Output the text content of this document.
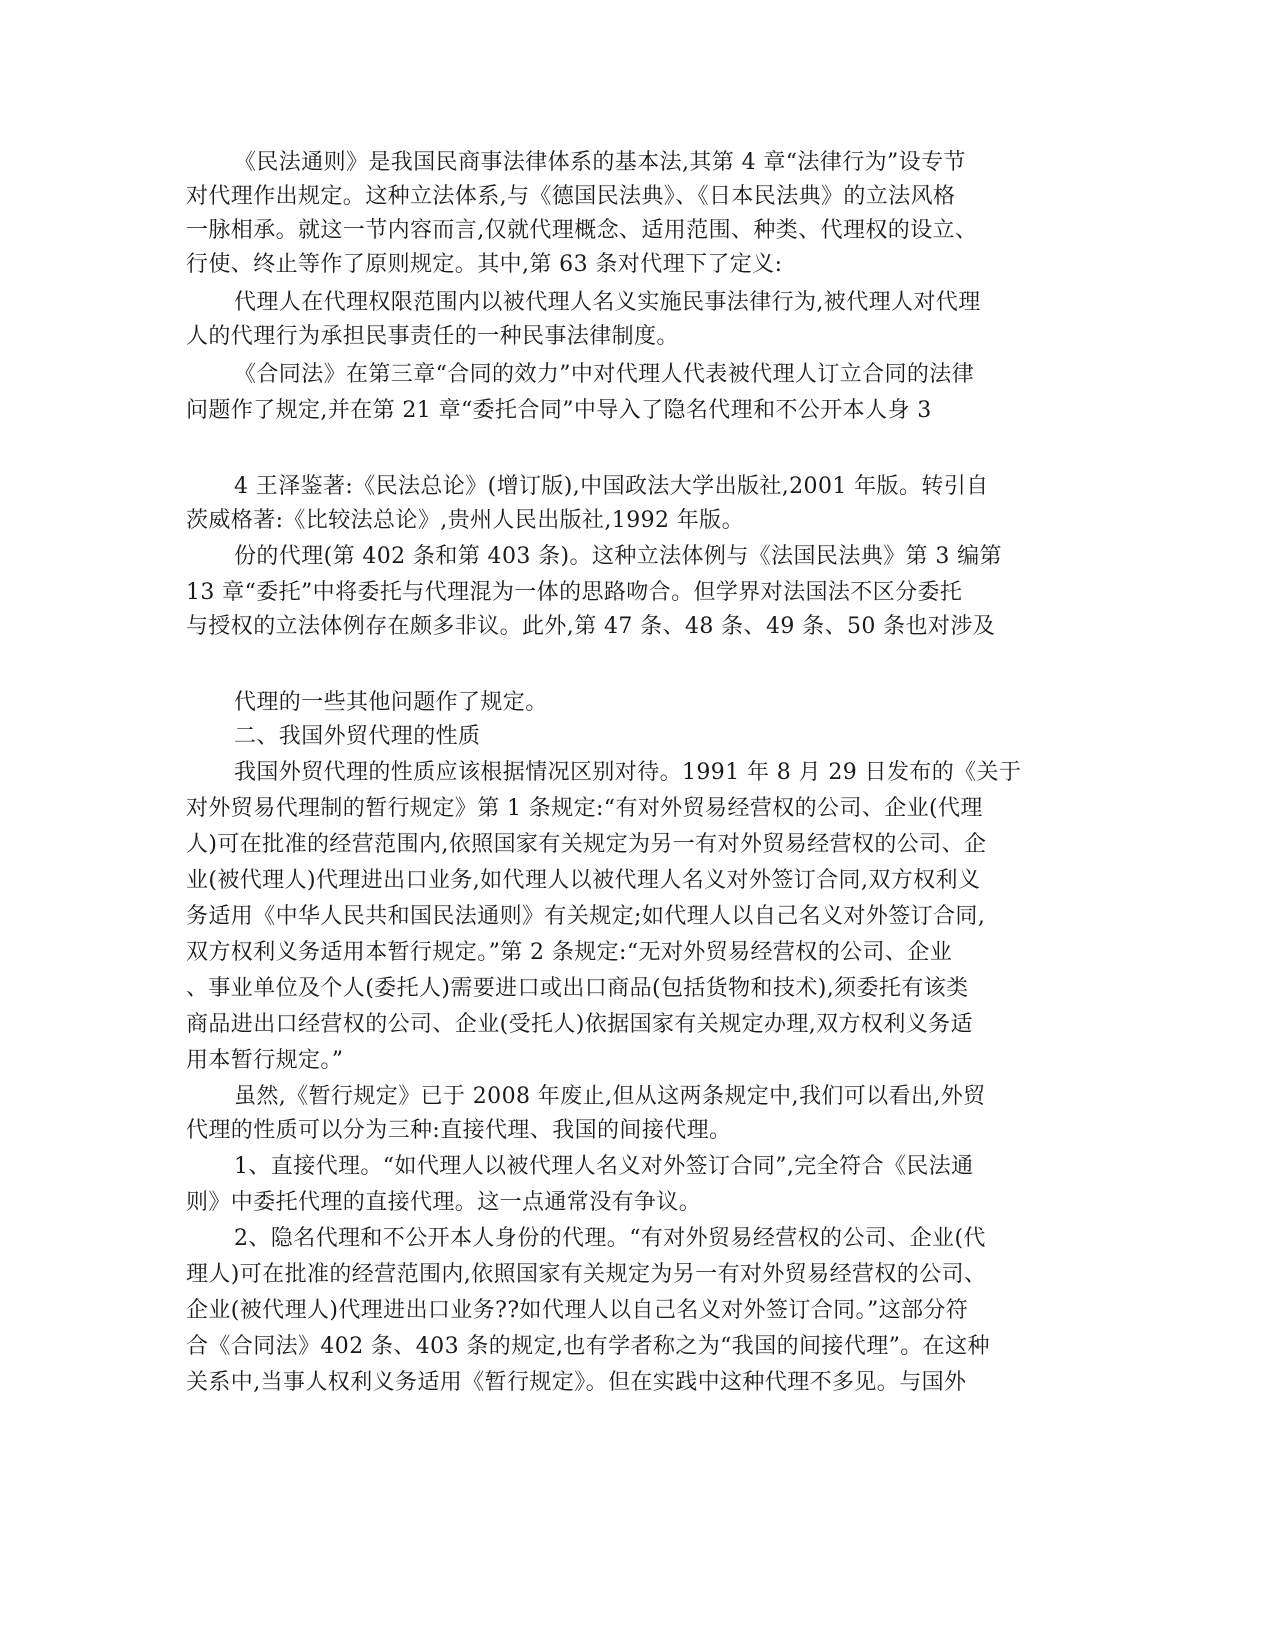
《民法通则》是我国民商事法律体系的基本法,其第 4 章“法律行为”设专节
对代理作出规定。这种立法体系,与《德国民法典》、《日本民法典》的立法风格
一脉相承。就这一节内容而言,仅就代理概念、适用范围、种类、代理权的设立、
行使、终止等作了原则规定。其中,第 63 条对代理下了定义:
代理人在代理权限范围内以被代理人名义实施民事法律行为,被代理人对代理
人的代理行为承担民事责任的一种民事法律制度。
《合同法》在第三章“合同的效力”中对代理人代表被代理人订立合同的法律
问题作了规定,并在第 21 章“委托合同”中导入了隐名代理和不公开本人身 3
4 王泽鉴著:《民法总论》(增订版),中国政法大学出版社,2001 年版。转引自
茨威格著:《比较法总论》,贵州人民出版社,1992 年版。
份的代理(第 402 条和第 403 条)。这种立法体例与《法国民法典》第 3 编第
13 章“委托”中将委托与代理混为一体的思路吻合。但学界对法国法不区分委托
与授权的立法体例存在颇多非议。此外,第 47 条、48 条、49 条、50 条也对涉及
代理的一些其他问题作了规定。
二、我国外贸代理的性质
我国外贸代理的性质应该根据情况区别对待。1991 年 8 月 29 日发布的《关于
对外贸易代理制的暂行规定》第 1 条规定:“有对外贸易经营权的公司、企业(代理
人)可在批准的经营范围内,依照国家有关规定为另一有对外贸易经营权的公司、企
业(被代理人)代理进出口业务,如代理人以被代理人名义对外签订合同,双方权利义
务适用《中华人民共和国民法通则》有关规定;如代理人以自己名义对外签订合同,
双方权利义务适用本暂行规定。”第 2 条规定:“无对外贸易经营权的公司、企业
、事业单位及个人(委托人)需要进口或出口商品(包括货物和技术),须委托有该类
商品进出口经营权的公司、企业(受托人)依据国家有关规定办理,双方权利义务适
用本暂行规定。”
虽然,《暂行规定》已于 2008 年废止,但从这两条规定中,我们可以看出,外贸
代理的性质可以分为三种:直接代理、我国的间接代理。
1、直接代理。“如代理人以被代理人名义对外签订合同”,完全符合《民法通
则》中委托代理的直接代理。这一点通常没有争议。
2、隐名代理和不公开本人身份的代理。“有对外贸易经营权的公司、企业(代
理人)可在批准的经营范围内,依照国家有关规定为另一有对外贸易经营权的公司、
企业(被代理人)代理进出口业务??如代理人以自己名义对外签订合同。”这部分符
合《合同法》402 条、403 条的规定,也有学者称之为“我国的间接代理”。在这种
关系中,当事人权利义务适用《暂行规定》。但在实践中这种代理不多见。与国外
